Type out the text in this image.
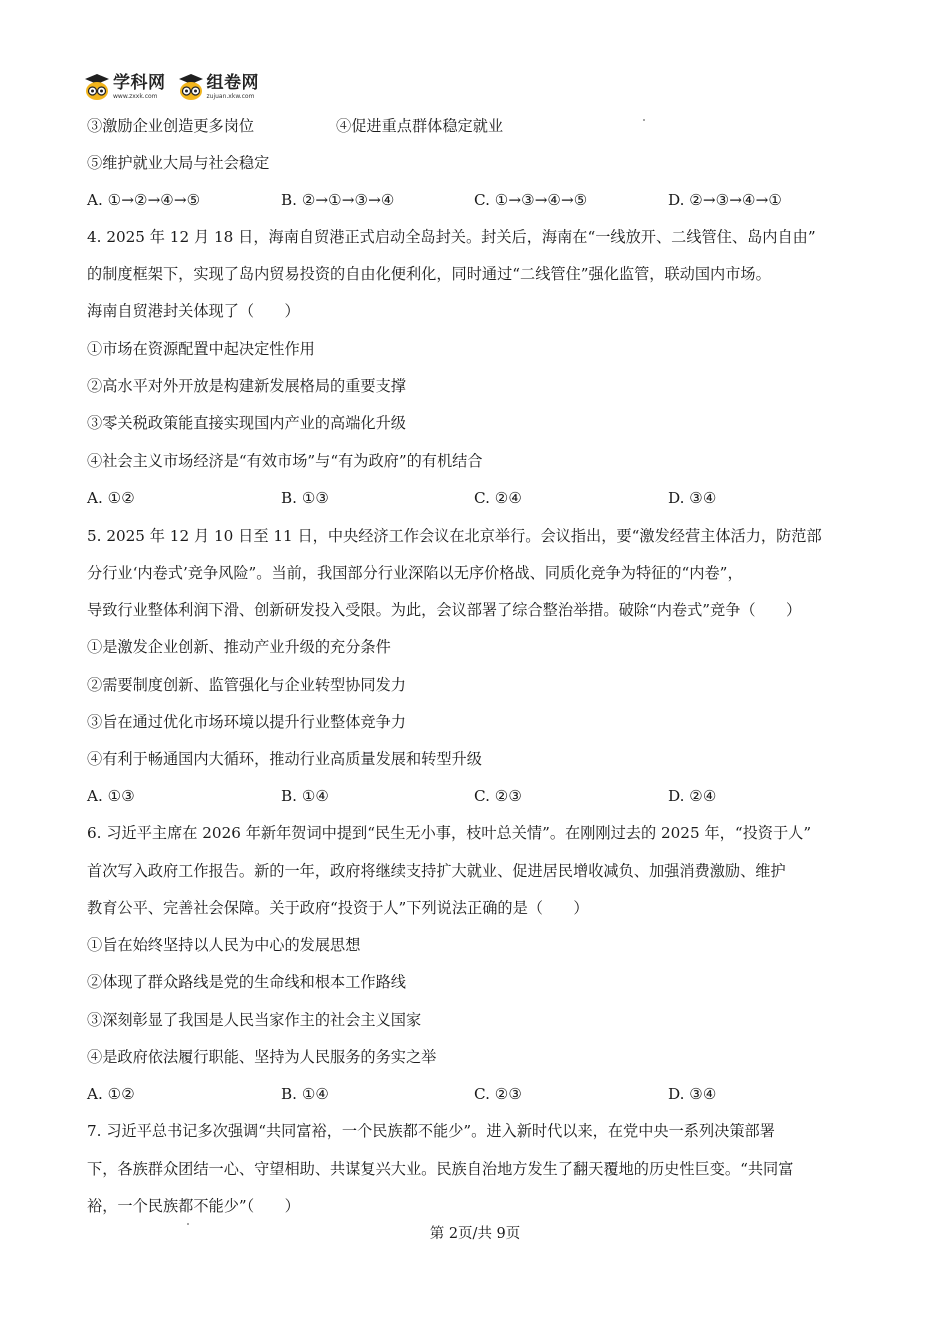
学科网
www.zxxk.com
组卷网
zujuan.xkw.com
③激励企业创造更多岗位	④促进重点群体稳定就业
⑤维护就业大局与社会稳定
A. ①→②→④→⑤	B. ②→①→③→④	C. ①→③→④→⑤	D. ②→③→④→①
4. 2025 年 12 月 18 日，海南自贸港正式启动全岛封关。封关后，海南在“一线放开、二线管住、岛内自由”
的制度框架下，实现了岛内贸易投资的自由化便利化，同时通过“二线管住”强化监管，联动国内市场。
海南自贸港封关体现了（　　）
①市场在资源配置中起决定性作用
②高水平对外开放是构建新发展格局的重要支撑
③零关税政策能直接实现国内产业的高端化升级
④社会主义市场经济是“有效市场”与“有为政府”的有机结合
A. ①②	B. ①③	C. ②④	D. ③④
5. 2025 年 12 月 10 日至 11 日，中央经济工作会议在北京举行。会议指出，要“激发经营主体活力，防范部
分行业‘内卷式’竞争风险”。当前，我国部分行业深陷以无序价格战、同质化竞争为特征的“内卷”，
导致行业整体利润下滑、创新研发投入受限。为此，会议部署了综合整治举措。破除“内卷式”竞争（　　）
①是激发企业创新、推动产业升级的充分条件
②需要制度创新、监管强化与企业转型协同发力
③旨在通过优化市场环境以提升行业整体竞争力
④有利于畅通国内大循环，推动行业高质量发展和转型升级
A. ①③	B. ①④	C. ②③	D. ②④
6. 习近平主席在 2026 年新年贺词中提到“民生无小事，枝叶总关情”。在刚刚过去的 2025 年，“投资于人”
首次写入政府工作报告。新的一年，政府将继续支持扩大就业、促进居民增收减负、加强消费激励、维护
教育公平、完善社会保障。关于政府“投资于人”下列说法正确的是（　　）
①旨在始终坚持以人民为中心的发展思想
②体现了群众路线是党的生命线和根本工作路线
③深刻彰显了我国是人民当家作主的社会主义国家
④是政府依法履行职能、坚持为人民服务的务实之举
A. ①②	B. ①④	C. ②③	D. ③④
7. 习近平总书记多次强调“共同富裕，一个民族都不能少”。进入新时代以来，在党中央一系列决策部署
下，各族群众团结一心、守望相助、共谋复兴大业。民族自治地方发生了翻天覆地的历史性巨变。“共同富
裕，一个民族都不能少”（　　）
第 2页/共 9页
